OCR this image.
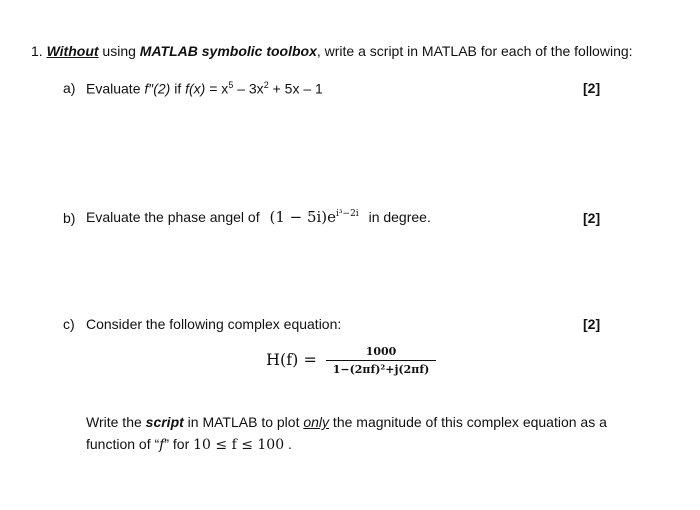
1. Without using MATLAB symbolic toolbox, write a script in MATLAB for each of the following:
a) Evaluate f″(2) if $f(x) = x^5 - 3x^2 + 5x - 1$	[2]
b) Evaluate the phase angel of $(1 - 5i)e^{i^3-2i}$ in degree.	[2]
c) Consider the following complex equation:	[2]
H(f) =	1000
1−(2πf)²+j(2πf)
Write the script in MATLAB to plot only the magnitude of this complex equation as a
function of “f” for 10 ≤ f ≤ 100 .
